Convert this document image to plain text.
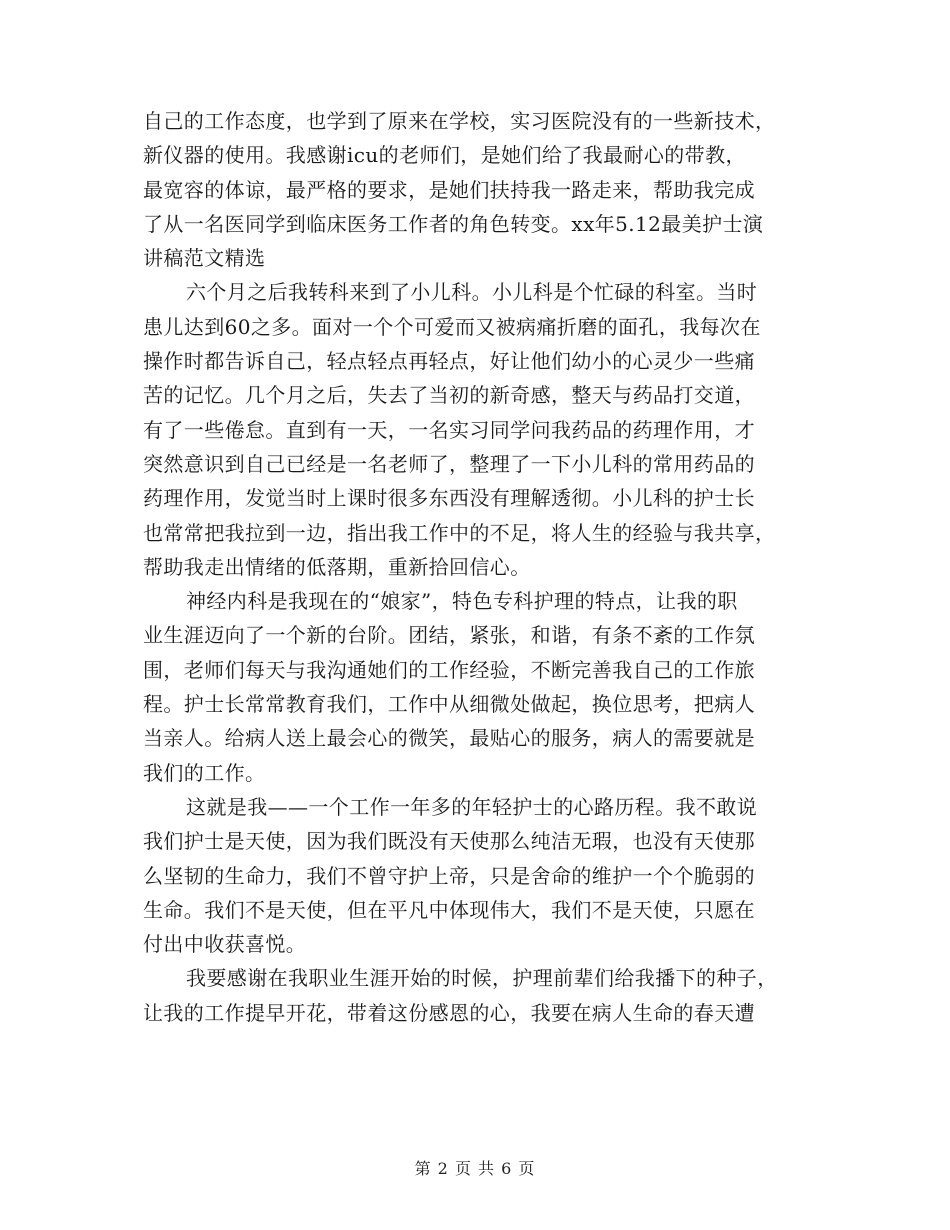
自己的工作态度，也学到了原来在学校，实习医院没有的一些新技术，
新仪器的使用。我感谢icu的老师们，是她们给了我最耐心的带教，
最宽容的体谅，最严格的要求，是她们扶持我一路走来，帮助我完成
了从一名医同学到临床医务工作者的角色转变。xx年5.12最美护士演
讲稿范文精选
六个月之后我转科来到了小儿科。小儿科是个忙碌的科室。当时
患儿达到60之多。面对一个个可爱而又被病痛折磨的面孔，我每次在
操作时都告诉自己，轻点轻点再轻点，好让他们幼小的心灵少一些痛
苦的记忆。几个月之后，失去了当初的新奇感，整天与药品打交道，
有了一些倦怠。直到有一天，一名实习同学问我药品的药理作用，才
突然意识到自己已经是一名老师了，整理了一下小儿科的常用药品的
药理作用，发觉当时上课时很多东西没有理解透彻。小儿科的护士长
也常常把我拉到一边，指出我工作中的不足，将人生的经验与我共享，
帮助我走出情绪的低落期，重新拾回信心。
神经内科是我现在的“娘家”，特色专科护理的特点，让我的职
业生涯迈向了一个新的台阶。团结，紧张，和谐，有条不紊的工作氛
围，老师们每天与我沟通她们的工作经验，不断完善我自己的工作旅
程。护士长常常教育我们，工作中从细微处做起，换位思考，把病人
当亲人。给病人送上最会心的微笑，最贴心的服务，病人的需要就是
我们的工作。
这就是我——一个工作一年多的年轻护士的心路历程。我不敢说
我们护士是天使，因为我们既没有天使那么纯洁无瑕，也没有天使那
么坚韧的生命力，我们不曾守护上帝，只是舍命的维护一个个脆弱的
生命。我们不是天使，但在平凡中体现伟大，我们不是天使，只愿在
付出中收获喜悦。
我要感谢在我职业生涯开始的时候，护理前辈们给我播下的种子，
让我的工作提早开花，带着这份感恩的心，我要在病人生命的春天遭
第 2 页 共 6 页
